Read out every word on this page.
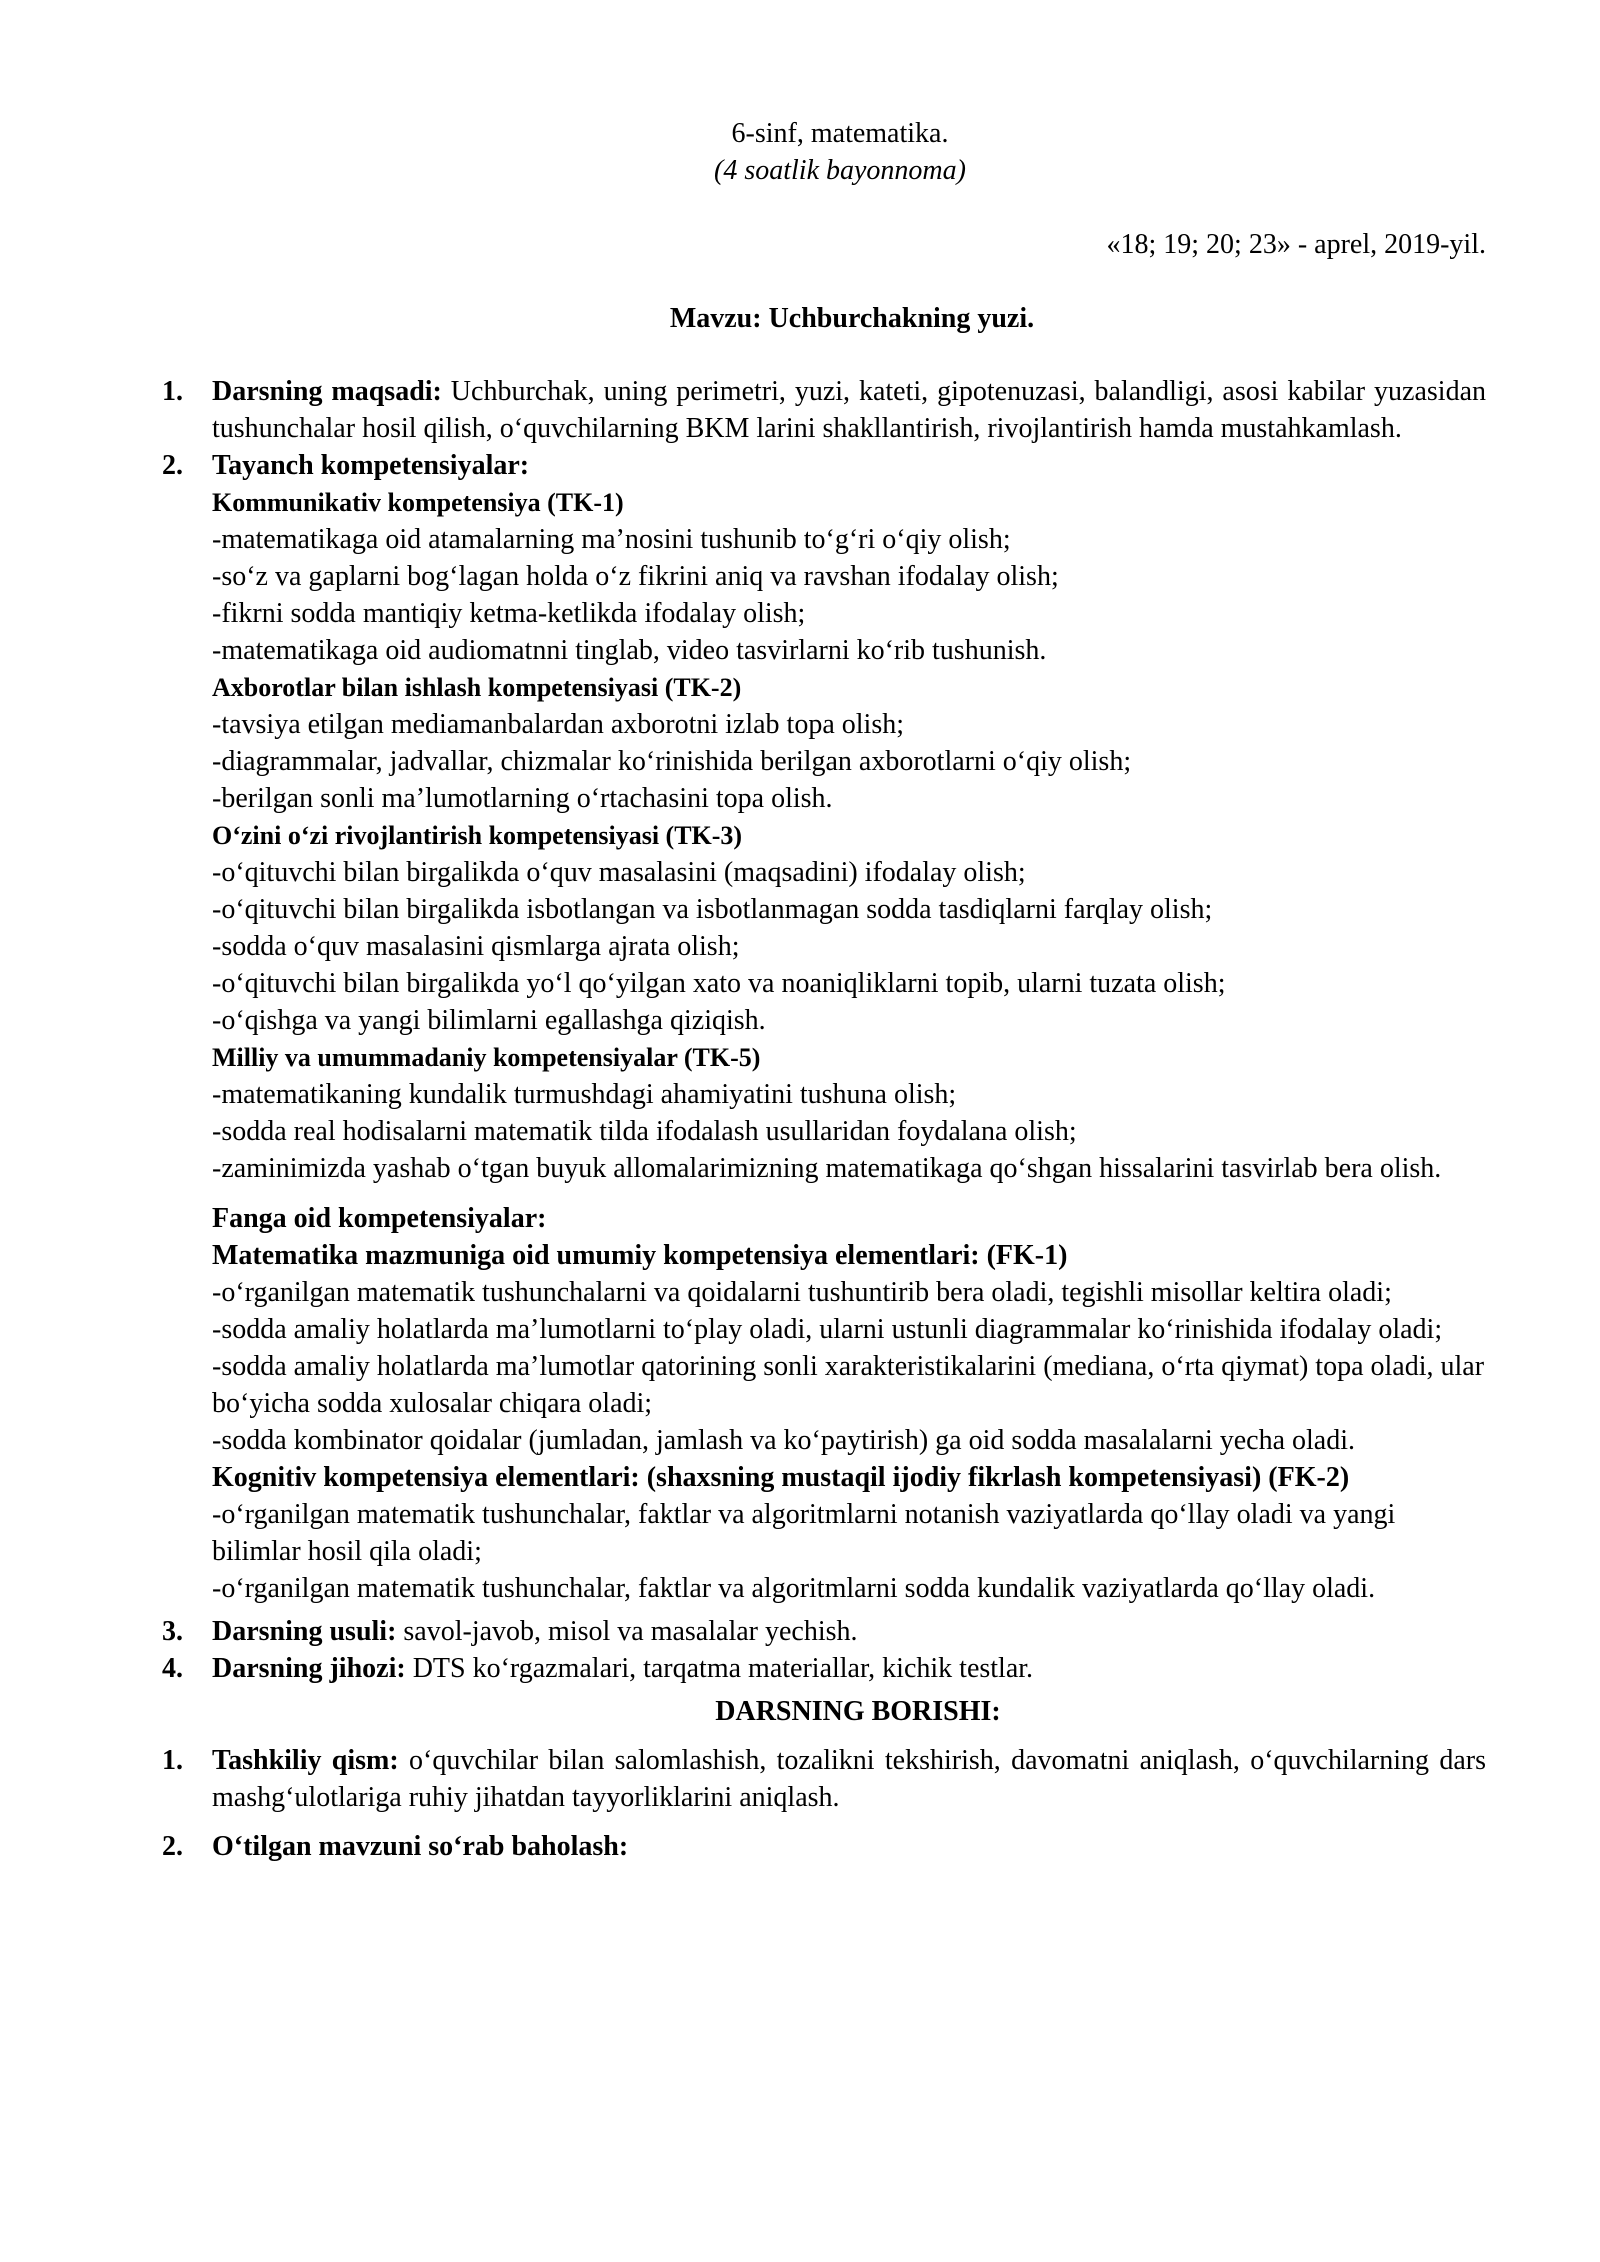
6-sinf, matematika.
(4 soatlik bayonnoma)
«18; 19; 20; 23» - aprel, 2019-yil.
Mavzu: Uchburchakning yuzi.
1. Darsning maqsadi: Uchburchak, uning perimetri, yuzi, kateti, gipotenuzasi, balandligi, asosi kabilar yuzasidan tushunchalar hosil qilish, o‘quvchilarning BKM larini shakllantirish, rivojlantirish hamda mustahkamlash.
2. Tayanch kompetensiyalar:
Kommunikativ kompetensiya (TK-1)
-matematikaga oid atamalarning ma’nosini tushunib to‘g‘ri o‘qiy olish;
-so‘z va gaplarni bog‘lagan holda o‘z fikrini aniq va ravshan ifodalay olish;
-fikrni sodda mantiqiy ketma-ketlikda ifodalay olish;
-matematikaga oid audiomatnni tinglab, video tasvirlarni ko‘rib tushunish.
Axborotlar bilan ishlash kompetensiyasi (TK-2)
-tavsiya etilgan mediamanbalardan axborotni izlab topa olish;
-diagrammalar, jadvallar, chizmalar ko‘rinishida berilgan axborotlarni o‘qiy olish;
-berilgan sonli ma’lumotlarning o‘rtachasini topa olish.
O‘zini o‘zi rivojlantirish kompetensiyasi (TK-3)
-o‘qituvchi bilan birgalikda o‘quv masalasini (maqsadini) ifodalay olish;
-o‘qituvchi bilan birgalikda isbotlangan va isbotlanmagan sodda tasdiqlarni farqlay olish;
-sodda o‘quv masalasini qismlarga ajrata olish;
-o‘qituvchi bilan birgalikda yo‘l qo‘yilgan xato va noaniqliklarni topib, ularni tuzata olish;
-o‘qishga va yangi bilimlarni egallashga qiziqish.
Milliy va umummadaniy kompetensiyalar (TK-5)
-matematikaning kundalik turmushdagi ahamiyatini tushuna olish;
-sodda real hodisalarni matematik tilda ifodalash usullaridan foydalana olish;
-zaminimizda yashab o‘tgan buyuk allomalarimizning matematikaga qo‘shgan hissalarini tasvirlab bera olish.
Fanga oid kompetensiyalar:
Matematika mazmuniga oid umumiy kompetensiya elementlari: (FK-1)
-o‘rganilgan matematik tushunchalarni va qoidalarni tushuntirib bera oladi, tegishli misollar keltira oladi;
-sodda amaliy holatlarda ma’lumotlarni to‘play oladi, ularni ustunli diagrammalar ko‘rinishida ifodalay oladi;
-sodda amaliy holatlarda ma’lumotlar qatorining sonli xarakteristikalarini (mediana, o‘rta qiymat) topa oladi, ular bo‘yicha sodda xulosalar chiqara oladi;
-sodda kombinator qoidalar (jumladan, jamlash va ko‘paytirish) ga oid sodda masalalarni yecha oladi.
Kognitiv kompetensiya elementlari: (shaxsning mustaqil ijodiy fikrlash kompetensiyasi) (FK-2)
-o‘rganilgan matematik tushunchalar, faktlar va algoritmlarni notanish vaziyatlarda qo‘llay oladi va yangi bilimlar hosil qila oladi;
-o‘rganilgan matematik tushunchalar, faktlar va algoritmlarni sodda kundalik vaziyatlarda qo‘llay oladi.
3. Darsning usuli: savol-javob, misol va masalalar yechish.
4. Darsning jihozi: DTS ko‘rgazmalari, tarqatma materiallar, kichik testlar.
DARSNING BORISHI:
1. Tashkiliy qism: o‘quvchilar bilan salomlashish, tozalikni tekshirish, davomatni aniqlash, o‘quvchilarning dars mashg‘ulotlariga ruhiy jihatdan tayyorliklarini aniqlash.
2. O‘tilgan mavzuni so‘rab baholash:
